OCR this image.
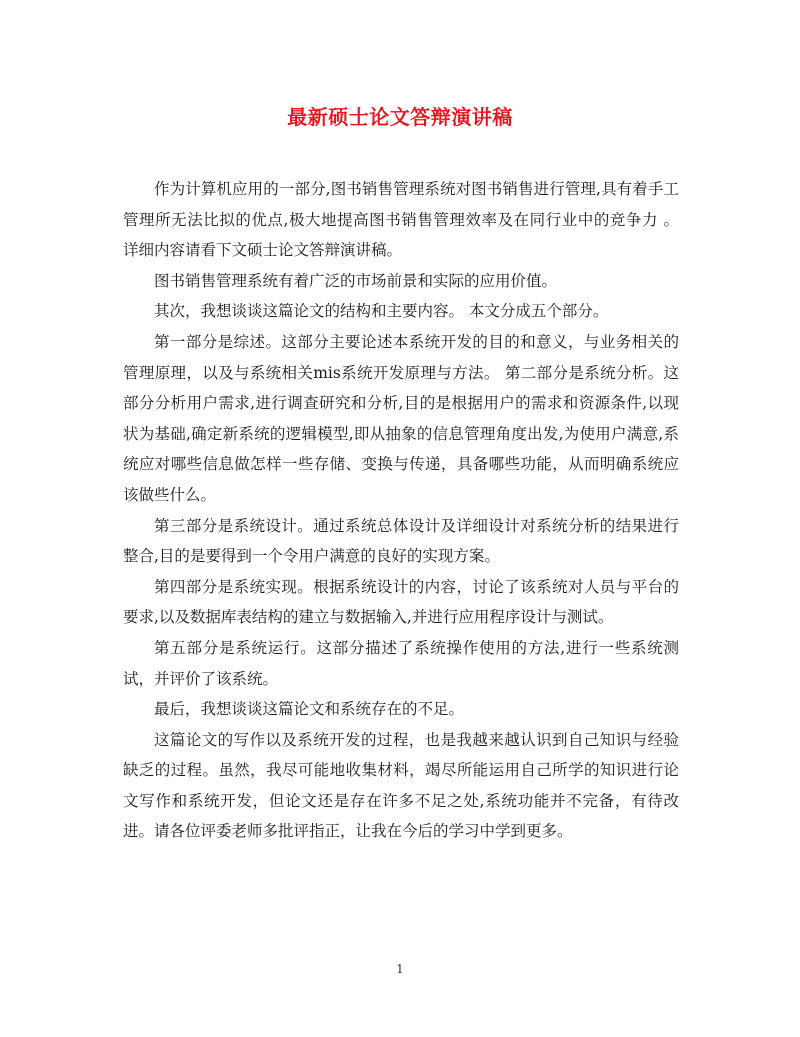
最新硕士论文答辩演讲稿

作为计算机应用的一部分,图书销售管理系统对图书销售进行管理,具有着手工管理所无法比拟的优点,极大地提高图书销售管理效率及在同行业中的竞争力 。 详细内容请看下文硕士论文答辩演讲稿。

图书销售管理系统有着广泛的市场前景和实际的应用价值。

其次，我想谈谈这篇论文的结构和主要内容。 本文分成五个部分。

第一部分是综述。这部分主要论述本系统开发的目的和意义，与业务相关的管理原理，以及与系统相关mis系统开发原理与方法。 第二部分是系统分析。这部分分析用户需求,进行调查研究和分析,目的是根据用户的需求和资源条件,以现状为基础,确定新系统的逻辑模型,即从抽象的信息管理角度出发,为使用户满意,系统应对哪些信息做怎样一些存储、变换与传递，具备哪些功能，从而明确系统应该做些什么。

第三部分是系统设计。通过系统总体设计及详细设计对系统分析的结果进行整合,目的是要得到一个令用户满意的良好的实现方案。

第四部分是系统实现。根据系统设计的内容，讨论了该系统对人员与平台的要求,以及数据库表结构的建立与数据输入,并进行应用程序设计与测试。

第五部分是系统运行。这部分描述了系统操作使用的方法,进行一些系统测试，并评价了该系统。

最后，我想谈谈这篇论文和系统存在的不足。

这篇论文的写作以及系统开发的过程，也是我越来越认识到自己知识与经验缺乏的过程。虽然，我尽可能地收集材料，竭尽所能运用自己所学的知识进行论文写作和系统开发，但论文还是存在许多不足之处,系统功能并不完备，有待改进。请各位评委老师多批评指正，让我在今后的学习中学到更多。

1
